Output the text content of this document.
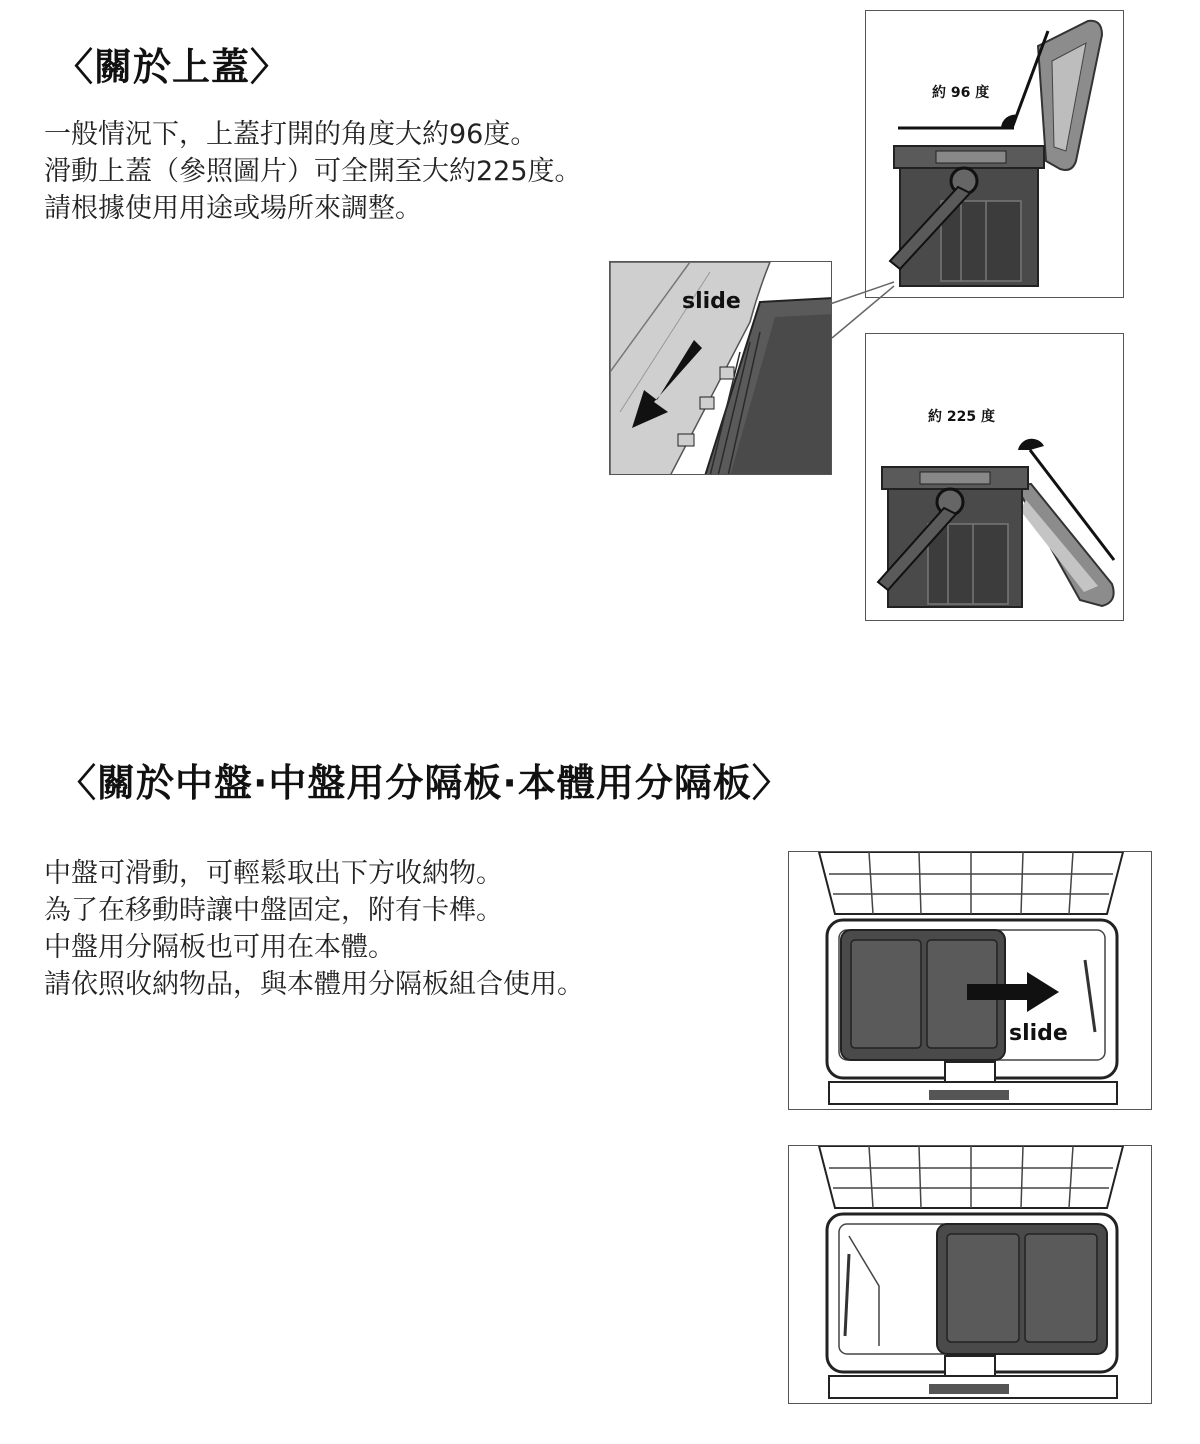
〈關於上蓋〉
一般情況下，上蓋打開的角度大約96度。
滑動上蓋（參照圖片）可全開至大約225度。
請根據使用用途或場所來調整。
約 96 度
slide
約 225 度
〈關於中盤·中盤用分隔板·本體用分隔板〉
中盤可滑動，可輕鬆取出下方收納物。
為了在移動時讓中盤固定，附有卡榫。
中盤用分隔板也可用在本體。
請依照收納物品，與本體用分隔板組合使用。
slide
